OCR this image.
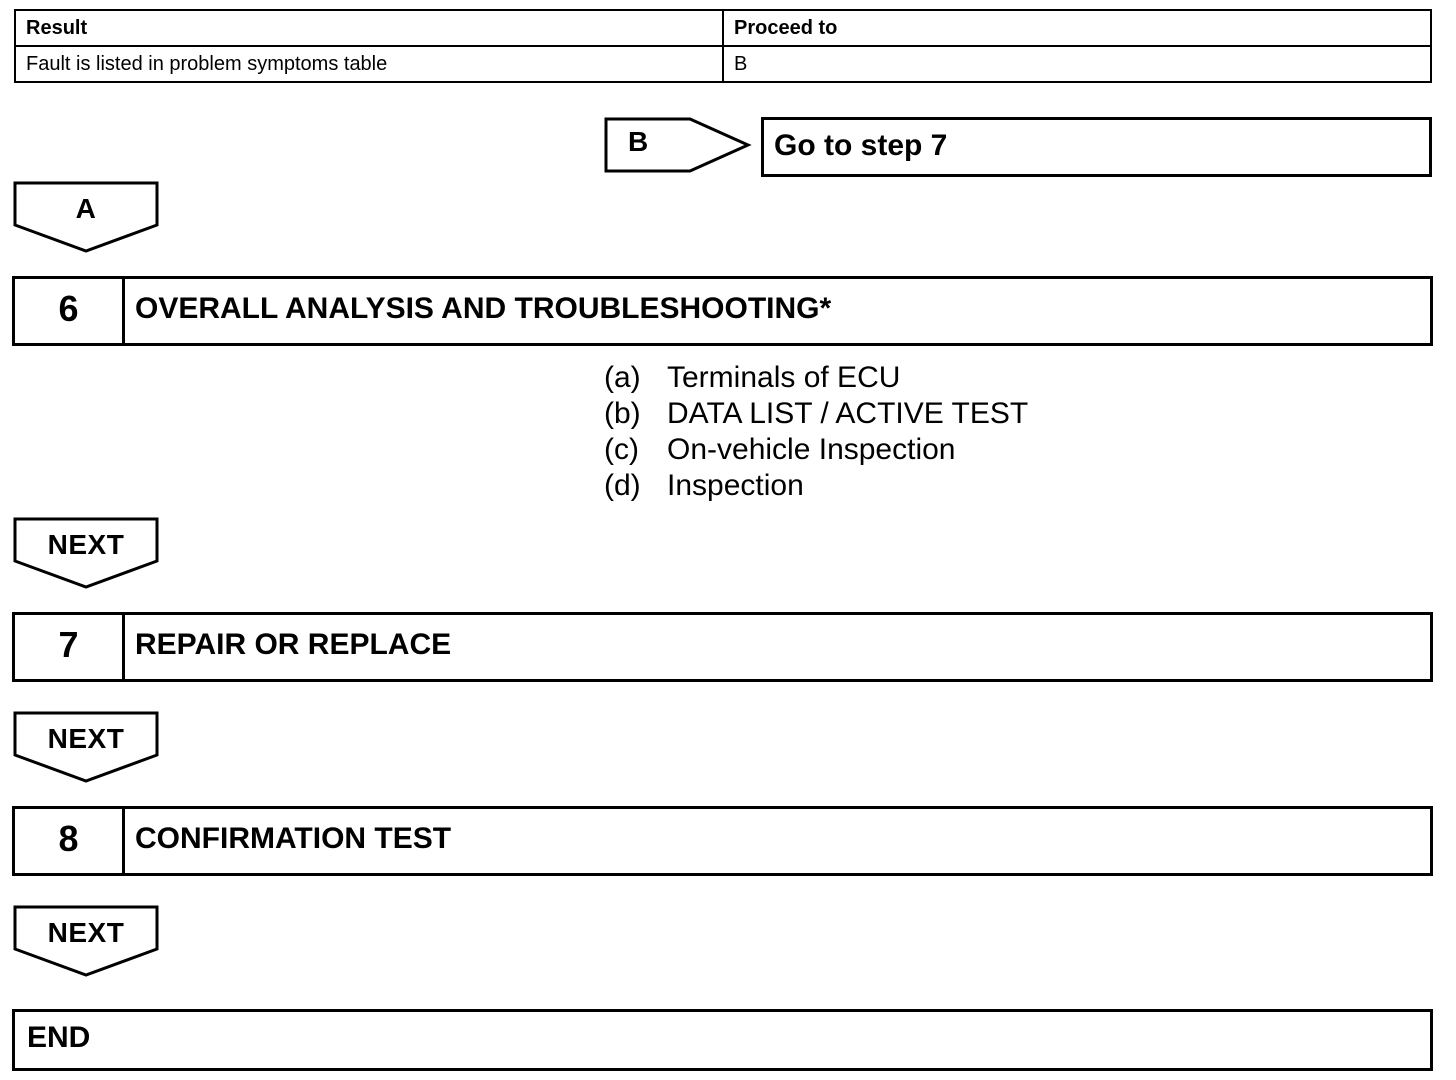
Result	Proceed to
Fault is listed in problem symptoms table	B
B	Go to step 7
A
6	OVERALL ANALYSIS AND TROUBLESHOOTING*
(a) Terminals of ECU
(b) DATA LIST / ACTIVE TEST
(c) On-vehicle Inspection
(d) Inspection
NEXT
7	REPAIR OR REPLACE
NEXT
8	CONFIRMATION TEST
NEXT
END
